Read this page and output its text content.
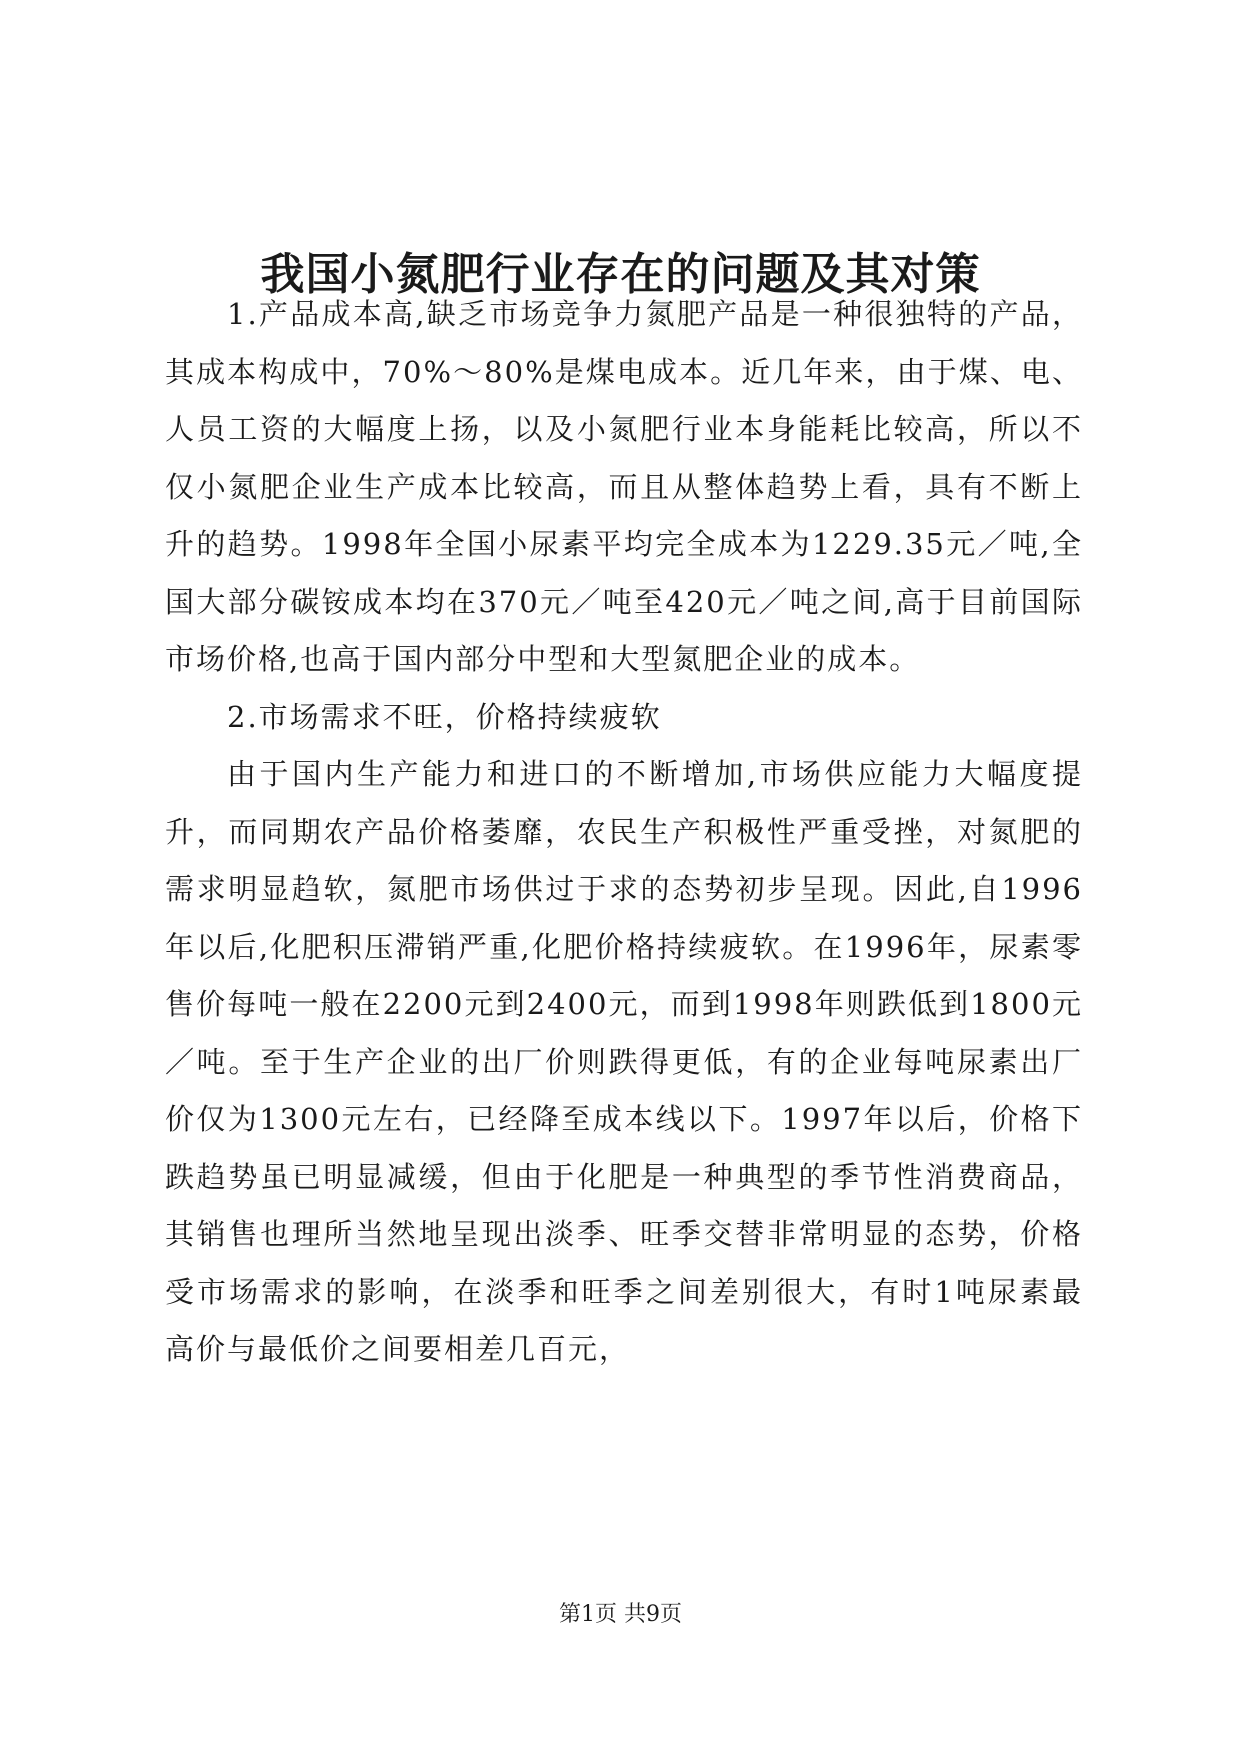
我国小氮肥行业存在的问题及其对策

1.产品成本高,缺乏市场竞争力氮肥产品是一种很独特的产品，其成本构成中，70%～80%是煤电成本。近几年来，由于煤、电、人员工资的大幅度上扬，以及小氮肥行业本身能耗比较高，所以不仅小氮肥企业生产成本比较高，而且从整体趋势上看，具有不断上升的趋势。1998年全国小尿素平均完全成本为1229.35元／吨,全国大部分碳铵成本均在370元／吨至420元／吨之间,高于目前国际市场价格,也高于国内部分中型和大型氮肥企业的成本。

2.市场需求不旺，价格持续疲软

由于国内生产能力和进口的不断增加,市场供应能力大幅度提升，而同期农产品价格萎靡，农民生产积极性严重受挫，对氮肥的需求明显趋软，氮肥市场供过于求的态势初步呈现。因此,自1996年以后,化肥积压滞销严重,化肥价格持续疲软。在1996年，尿素零售价每吨一般在2200元到2400元，而到1998年则跌低到1800元／吨。至于生产企业的出厂价则跌得更低，有的企业每吨尿素出厂价仅为1300元左右，已经降至成本线以下。1997年以后，价格下跌趋势虽已明显减缓，但由于化肥是一种典型的季节性消费商品，其销售也理所当然地呈现出淡季、旺季交替非常明显的态势，价格受市场需求的影响，在淡季和旺季之间差别很大，有时1吨尿素最高价与最低价之间要相差几百元，

第1页 共9页
